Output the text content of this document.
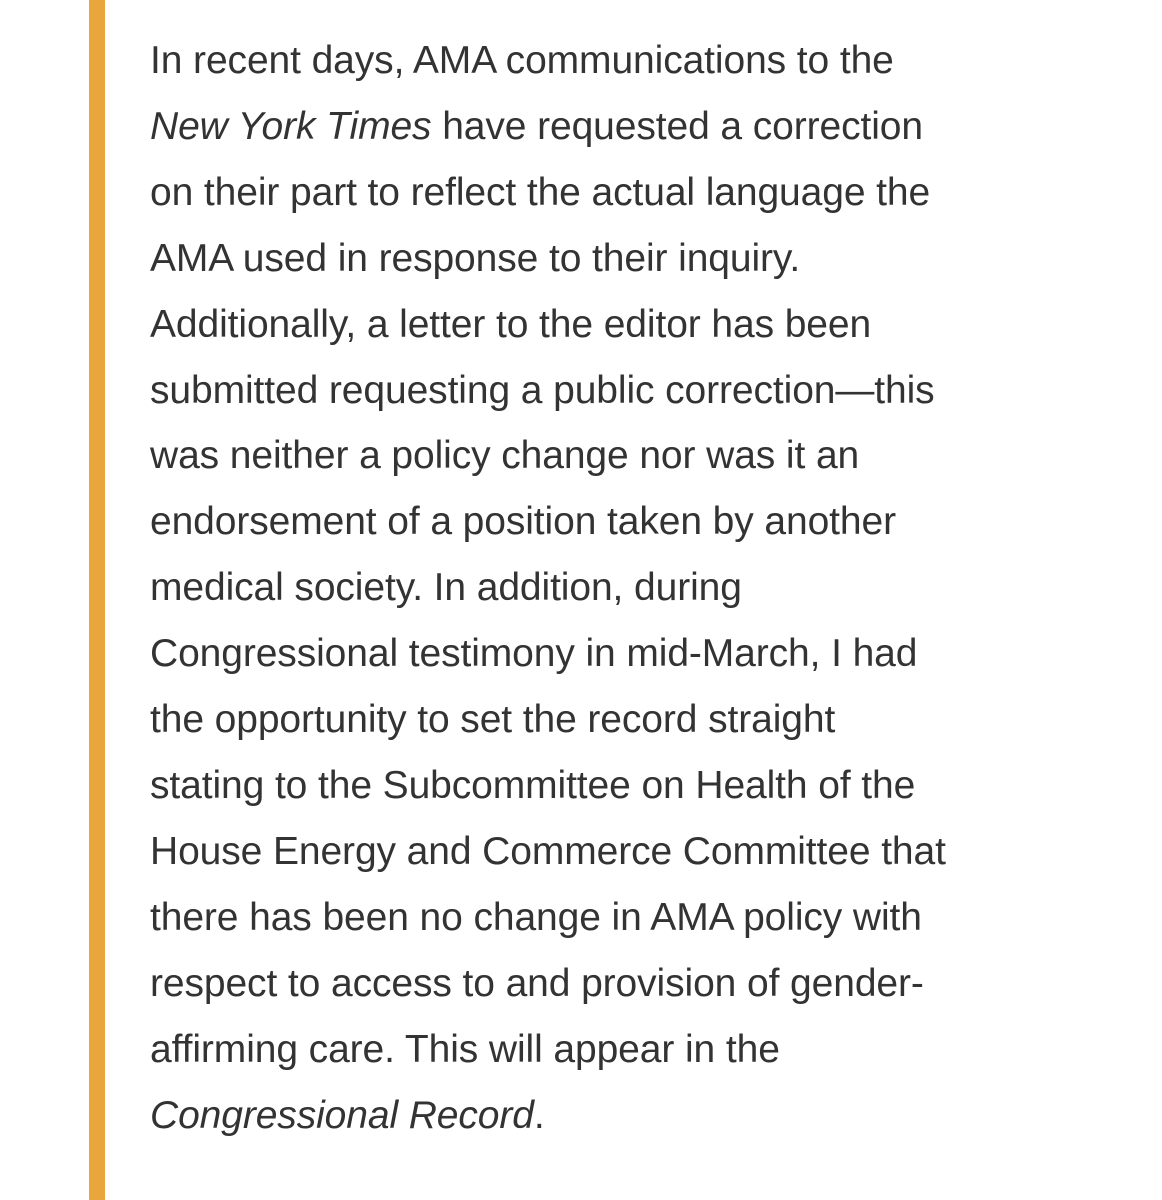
In recent days, AMA communications to the
New York Times have requested a correction
on their part to reflect the actual language the
AMA used in response to their inquiry.
Additionally, a letter to the editor has been
submitted requesting a public correction—this
was neither a policy change nor was it an
endorsement of a position taken by another
medical society. In addition, during
Congressional testimony in mid-March, I had
the opportunity to set the record straight
stating to the Subcommittee on Health of the
House Energy and Commerce Committee that
there has been no change in AMA policy with
respect to access to and provision of gender-
affirming care. This will appear in the
Congressional Record.
